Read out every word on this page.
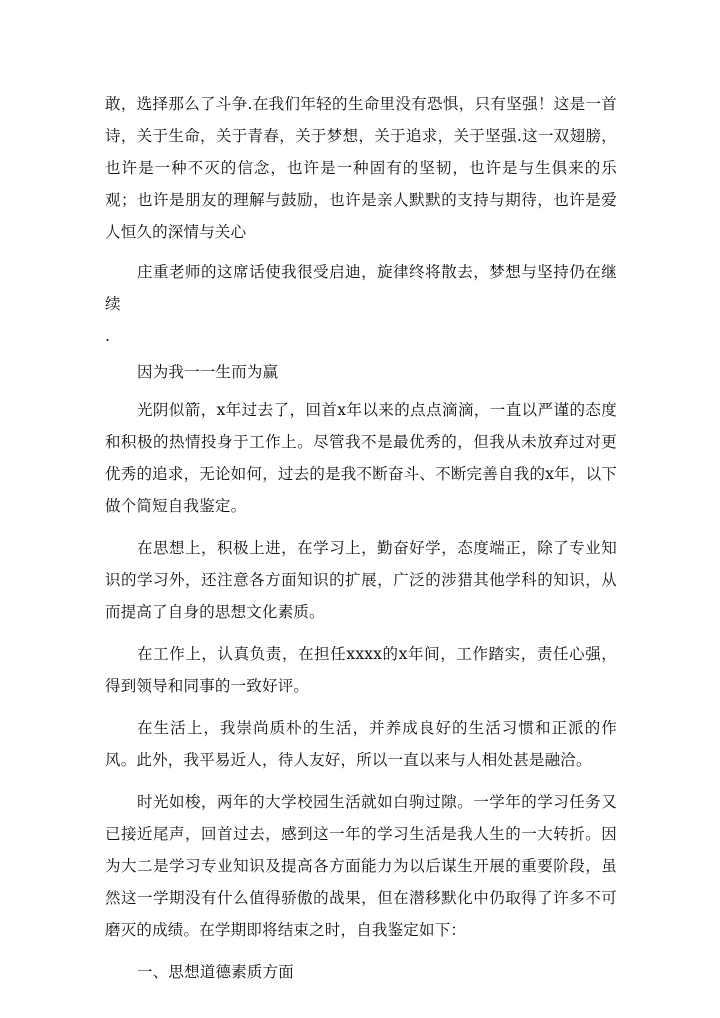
敢，选择那么了斗争.在我们年轻的生命里没有恐惧，只有坚强！这是一首诗，关于生命，关于青春，关于梦想，关于追求，关于坚强.这一双翅膀，也许是一种不灭的信念，也许是一种固有的坚韧，也许是与生俱来的乐观；也许是朋友的理解与鼓励，也许是亲人默默的支持与期待，也许是爱人恒久的深情与关心

庄重老师的这席话使我很受启迪，旋律终将散去，梦想与坚持仍在继续

.

因为我一一生而为赢

光阴似箭，x年过去了，回首x年以来的点点滴滴，一直以严谨的态度和积极的热情投身于工作上。尽管我不是最优秀的，但我从未放弃过对更优秀的追求，无论如何，过去的是我不断奋斗、不断完善自我的x年，以下做个简短自我鉴定。

在思想上，积极上进，在学习上，勤奋好学，态度端正，除了专业知识的学习外，还注意各方面知识的扩展，广泛的涉猎其他学科的知识，从而提高了自身的思想文化素质。

在工作上，认真负责，在担任xxxx的x年间，工作踏实，责任心强，得到领导和同事的一致好评。

在生活上，我崇尚质朴的生活，并养成良好的生活习惯和正派的作风。此外，我平易近人，待人友好，所以一直以来与人相处甚是融洽。

时光如梭，两年的大学校园生活就如白驹过隙。一学年的学习任务又已接近尾声，回首过去，感到这一年的学习生活是我人生的一大转折。因为大二是学习专业知识及提高各方面能力为以后谋生开展的重要阶段，虽然这一学期没有什么值得骄傲的战果，但在潜移默化中仍取得了许多不可磨灭的成绩。在学期即将结束之时，自我鉴定如下：

一、思想道德素质方面
